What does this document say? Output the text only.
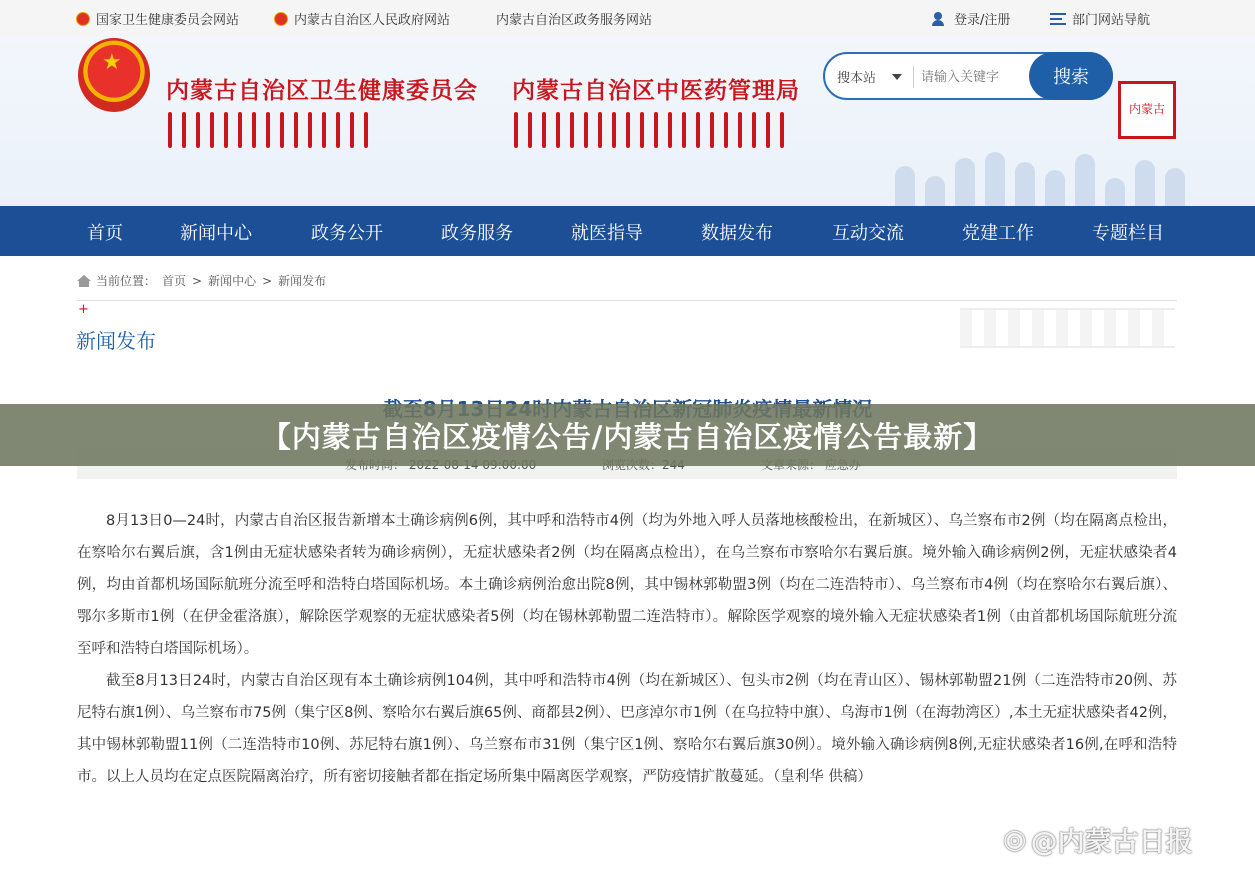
国家卫生健康委员会网站	内蒙古自治区人民政府网站	内蒙古自治区政务服务网站	登录/注册	部门网站导航
★
内蒙古自治区卫生健康委员会 内蒙古自治区中医药管理局	搜本站
请输入关键字	搜索
内蒙古
首页	新闻中心	政务公开	政务服务	就医指导	数据发布	互动交流	党建工作	专题栏目
当前位置： 首页 > 新闻中心 > 新闻发布
+
新闻发布
【内蒙古自治区疫情公告/内蒙古自治区疫情公告最新】

8月13日0—24时，内蒙古自治区报告新增本土确诊病例6例，其中呼和浩特市4例（均为外地入呼人员落地核酸检出，在新城区）、乌兰察布市2例（均在隔离点检出，在察哈尔右翼后旗，含1例由无症状感染者转为确诊病例），无症状感染者2例（均在隔离点检出），在乌兰察布市察哈尔右翼后旗。境外输入确诊病例2例，无症状感染者4例，均由首都机场国际航班分流至呼和浩特白塔国际机场。本土确诊病例治愈出院8例，其中锡林郭勒盟3例（均在二连浩特市）、乌兰察布市4例（均在察哈尔右翼后旗）、鄂尔多斯市1例（在伊金霍洛旗），解除医学观察的无症状感染者5例（均在锡林郭勒盟二连浩特市）。解除医学观察的境外输入无症状感染者1例（由首都机场国际航班分流至呼和浩特白塔国际机场）。

截至8月13日24时，内蒙古自治区现有本土确诊病例104例，其中呼和浩特市4例（均在新城区）、包头市2例（均在青山区）、锡林郭勒盟21例（二连浩特市20例、苏尼特右旗1例）、乌兰察布市75例（集宁区8例、察哈尔右翼后旗65例、商都县2例）、巴彦淖尔市1例（在乌拉特中旗）、乌海市1例（在海勃湾区）,本土无症状感染者42例，其中锡林郭勒盟11例（二连浩特市10例、苏尼特右旗1例）、乌兰察布市31例（集宁区1例、察哈尔右翼后旗30例）。境外输入确诊病例8例,无症状感染者16例,在呼和浩特市。以上人员均在定点医院隔离治疗，所有密切接触者都在指定场所集中隔离医学观察，严防疫情扩散蔓延。（皇利华 供稿）

◎ @内蒙古日报
